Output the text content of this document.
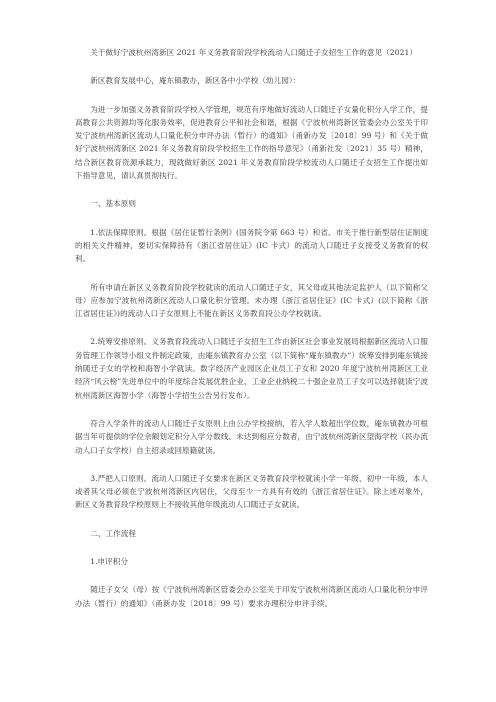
关于做好宁波杭州湾新区 2021 年义务教育阶段学校流动人口随迁子女招生工作的意见（2021）

新区教育发展中心，庵东镇教办，新区各中小学校（幼儿园）：

为进一步加强义务教育阶段学校入学管理，规范有序地做好流动人口随迁子女量化积分入学工作，提高教育公共资源均等化服务效率，促进教育公平和社会和谐，根据《宁波杭州湾新区管委会办公室关于印发宁波杭州湾新区流动人口量化积分申评办法（暂行）的通知》（甬新办发〔2018〕99 号）和《关于做好宁波杭州湾新区 2021 年义务教育阶段学校招生工作的指导意见》（甬新社发〔2021〕35 号）精神，结合新区教育资源承载力，现就做好新区 2021 年义务教育阶段学校流动人口随迁子女招生工作提出如下指导意见，请认真贯彻执行。

一、基本原则

1.依法保障原则。根据《居住证暂行条例》(国务院令第 663 号）和省、市关于推行新型居住证制度的相关文件精神，要切实保障持有《浙江省居住证》(IC 卡式）的流动人口随迁子女接受义务教育的权利。

所有申请在新区义务教育阶段学校就读的流动人口随迁子女，其父母或其他法定监护人（以下简称父母）应参加宁波杭州湾新区流动人口量化积分管理。未办理《浙江省居住证》(IC 卡式）(以下简称《浙江省居住证》)的流动人口子女原则上不能在新区义务教育段公办学校就读。

2.统筹安排原则。义务教育段流动人口随迁子女招生工作由新区社会事业发展局根据新区流动人口服务管理工作领导小组文件制定政策，由庵东镇教育办公室（以下简称“庵东镇教办”）统筹安排到庵东镇接纳随迁子女的学校和海智小学就读。数字经济产业园区企业员工子女和 2020 年度宁波杭州湾新区工业经济“风云榜”先进单位中的年度综合发展优胜企业、工业企业纳税二十强企业员工子女可以选择就读宁波杭州湾新区海智小学（海智小学招生公告另行发布）。

符合入学条件的流动人口随迁子女原则上由公办学校接纳，若入学人数超出学位数，庵东镇教办可根据当年可提供的学位余额划定积分入学分数线。未达到相应分数者，由宁波杭州湾新区望海学校（民办流动人口子女学校）自主招录或回原籍就读。

3.严把入口原则。流动人口随迁子女要求在新区义务教育段学校就读小学一年级、初中一年级，本人或者其父母必须在宁波杭州湾新区内居住，父母至少一方具有有效的《浙江省居住证》。除上述对象外，新区义务教育段学校原则上不接收其他年级流动人口随迁子女就读。

二、工作流程

1.申评积分

随迁子女父（母）按《宁波杭州湾新区管委会办公室关于印发宁波杭州湾新区流动人口量化积分申评办法（暂行）的通知》（甬新办发〔2018〕99 号）要求办理积分申评手续。
